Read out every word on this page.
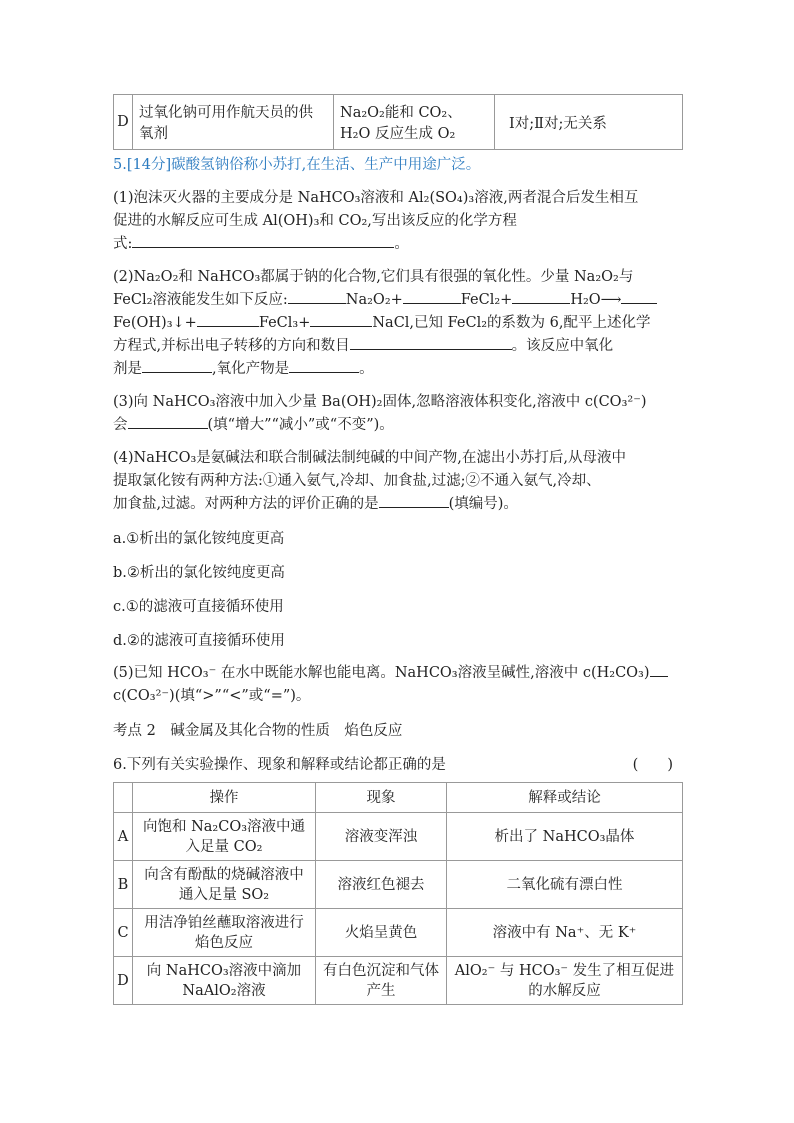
D	过氧化钠可用作航天员的供氧剂	Na₂O₂能和 CO₂、H₂O 反应生成 O₂	Ⅰ对;Ⅱ对;无关系
5.[14分]碳酸氢钠俗称小苏打,在生活、生产中用途广泛。
(1)泡沫灭火器的主要成分是 NaHCO₃溶液和 Al₂(SO₄)₃溶液,两者混合后发生相互
促进的水解反应可生成 Al(OH)₃和 CO₂,写出该反应的化学方程
式:	。
(2)Na₂O₂和 NaHCO₃都属于钠的化合物,它们具有很强的氧化性。少量 Na₂O₂与
FeCl₂溶液能发生如下反应:	Na₂O₂+	FeCl₂+	H₂O⟶
Fe(OH)₃↓+	FeCl₃+	NaCl,已知 FeCl₂的系数为 6,配平上述化学
方程式,并标出电子转移的方向和数目	。该反应中氧化
剂是	,氧化产物是	。
(3)向 NaHCO₃溶液中加入少量 Ba(OH)₂固体,忽略溶液体积变化,溶液中 c(CO₃²⁻)
会	(填“增大”“减小”或“不变”)。
(4)NaHCO₃是氨碱法和联合制碱法制纯碱的中间产物,在滤出小苏打后,从母液中
提取氯化铵有两种方法:①通入氨气,冷却、加食盐,过滤;②不通入氨气,冷却、
加食盐,过滤。对两种方法的评价正确的是	(填编号)。
a.①析出的氯化铵纯度更高
b.②析出的氯化铵纯度更高
c.①的滤液可直接循环使用
d.②的滤液可直接循环使用
(5)已知 HCO₃⁻ 在水中既能水解也能电离。NaHCO₃溶液呈碱性,溶液中 c(H₂CO₃)
c(CO₃²⁻)(填“>”“<”或“=”)。
考点 2　碱金属及其化合物的性质　焰色反应
6.下列有关实验操作、现象和解释或结论都正确的是	(　　)
	操作	现象	解释或结论
A	向饱和 Na₂CO₃溶液中通入足量 CO₂	溶液变浑浊	析出了 NaHCO₃晶体
B	向含有酚酞的烧碱溶液中通入足量 SO₂	溶液红色褪去	二氧化硫有漂白性
C	用洁净铂丝蘸取溶液进行焰色反应	火焰呈黄色	溶液中有 Na⁺、无 K⁺
D	向 NaHCO₃溶液中滴加 NaAlO₂溶液	有白色沉淀和气体产生	AlO₂⁻ 与 HCO₃⁻ 发生了相互促进的水解反应
